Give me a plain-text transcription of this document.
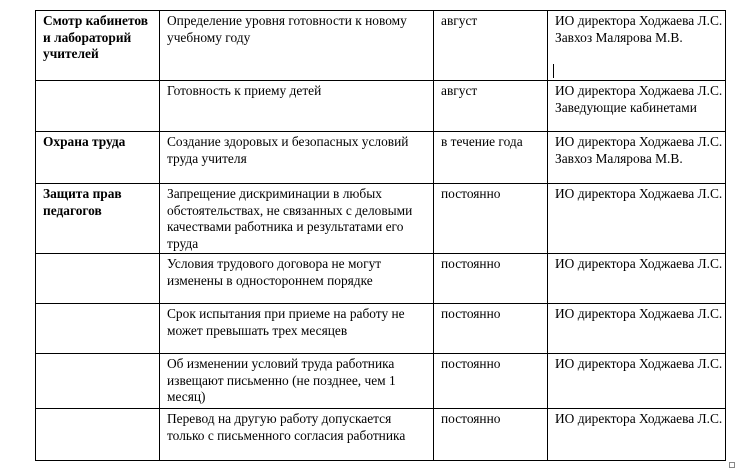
Смотр кабинетов и лабораторий учителей	Определение уровня готовности к новому учебному году	август	ИО директора Ходжаева Л.С.
Завхоз Малярова М.В.

	Готовность к приему детей	август	ИО директора Ходжаева Л.С.
Заведующие кабинетами

Охрана труда	Создание здоровых и безопасных условий труда учителя	в течение года	ИО директора Ходжаева Л.С.
Завхоз Малярова М.В.

Защита прав педагогов	Запрещение дискриминации в любых обстоятельствах, не связанных с деловыми качествами работника и результатами его труда	постоянно	ИО директора Ходжаева Л.С.

	Условия трудового договора не могут изменены в одностороннем порядке	постоянно	ИО директора Ходжаева Л.С.

	Срок испытания при приеме на работу не может превышать трех месяцев	постоянно	ИО директора Ходжаева Л.С.

	Об изменении условий труда работника извещают письменно (не позднее, чем 1 месяц)	постоянно	ИО директора Ходжаева Л.С.

	Перевод на другую работу допускается только с письменного согласия работника	постоянно	ИО директора Ходжаева Л.С.
